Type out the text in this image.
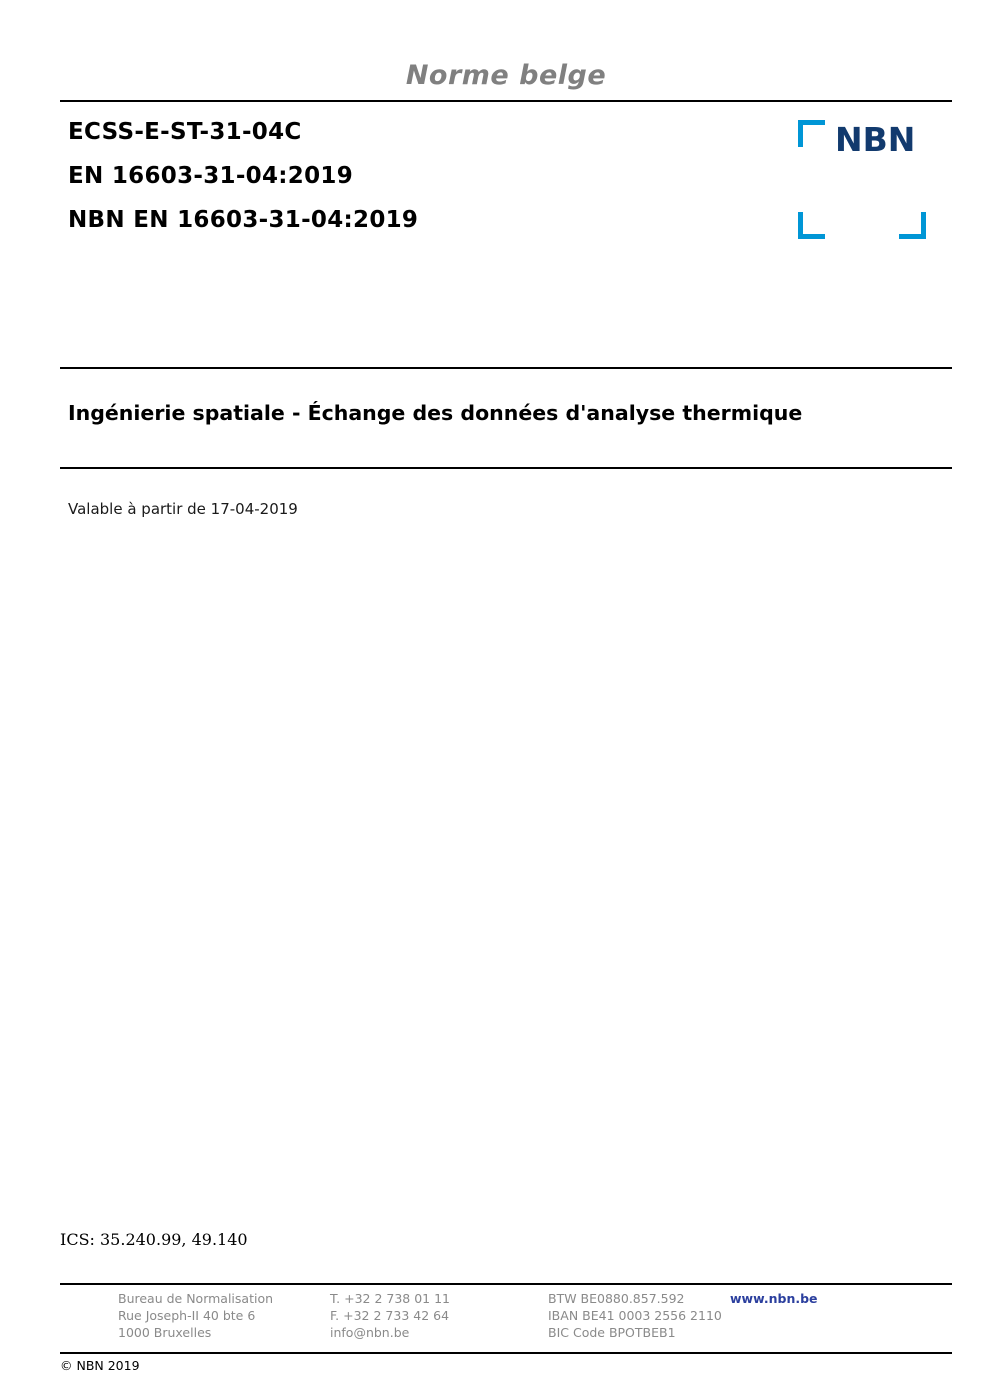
Norme belge
ECSS-E-ST-31-04C
EN 16603-31-04:2019
NBN EN 16603-31-04:2019
NBN
Ingénierie spatiale - Échange des données d'analyse thermique
Valable à partir de 17-04-2019
ICS: 35.240.99, 49.140
Bureau de Normalisation
Rue Joseph-II 40 bte 6
1000 Bruxelles
T. +32 2 738 01 11
F. +32 2 733 42 64
info@nbn.be
BTW BE0880.857.592
IBAN BE41 0003 2556 2110
BIC Code BPOTBEB1
www.nbn.be
© NBN 2019
